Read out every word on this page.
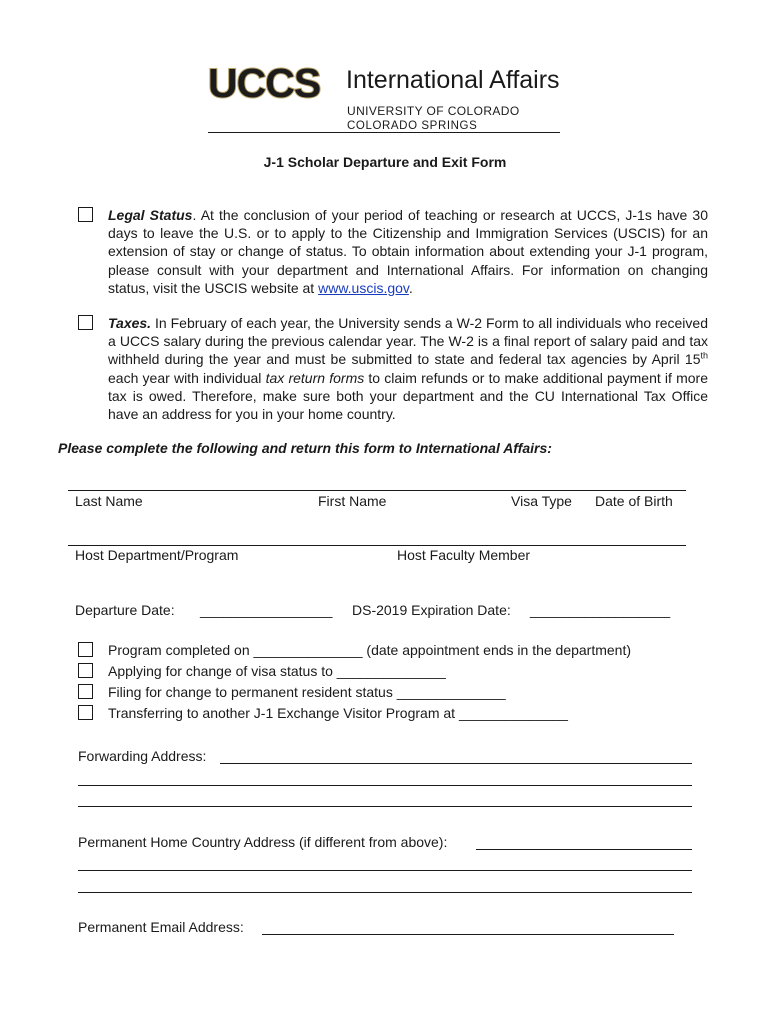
UCCS International Affairs
UNIVERSITY OF COLORADO
COLORADO SPRINGS
J-1 Scholar Departure and Exit Form
Legal Status. At the conclusion of your period of teaching or research at UCCS, J-1s have 30 days to leave the U.S. or to apply to the Citizenship and Immigration Services (USCIS) for an extension of stay or change of status. To obtain information about extending your J-1 program, please consult with your department and International Affairs. For information on changing status, visit the USCIS website at www.uscis.gov.
Taxes. In February of each year, the University sends a W-2 Form to all individuals who received a UCCS salary during the previous calendar year. The W-2 is a final report of salary paid and tax withheld during the year and must be submitted to state and federal tax agencies by April 15th each year with individual tax return forms to claim refunds or to make additional payment if more tax is owed. Therefore, make sure both your department and the CU International Tax Office have an address for you in your home country.
Please complete the following and return this form to International Affairs:
Last Name	First Name	Visa Type Date of Birth
Host Department/Program	Host Faculty Member
Departure Date: _________________ DS-2019 Expiration Date: __________________
Program completed on ______________ (date appointment ends in the department)
Applying for change of visa status to ______________
Filing for change to permanent resident status ______________
Transferring to another J-1 Exchange Visitor Program at ______________
Forwarding Address:
Permanent Home Country Address (if different from above):
Permanent Email Address:
